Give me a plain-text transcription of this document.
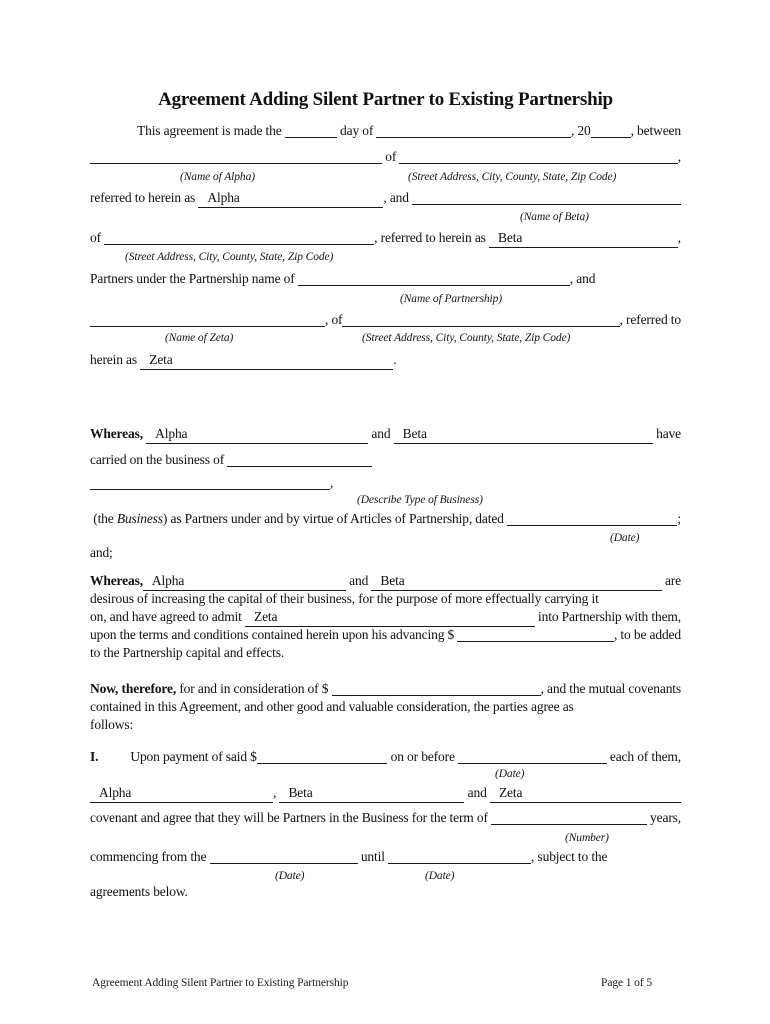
Agreement Adding Silent Partner to Existing Partnership
This agreement is made the	day of	, 20	, between
of	,
(Name of Alpha)	(Street Address, City, County, State, Zip Code)
referred to herein as Alpha	, and
(Name of Beta)
of	, referred to herein as Beta	,
(Street Address, City, County, State, Zip Code)
Partners under the Partnership name of	, and
(Name of Partnership)
, of	, referred to
(Name of Zeta)	(Street Address, City, County, State, Zip Code)
herein as Zeta	.
Whereas,
Alpha	and Beta	have
carried on the business of
,
(Describe Type of Business)
(the Business ) as Partners under and by virtue of Articles of Partnership, dated	;
(Date)
and;
Whereas, Alpha	and Beta	are
desirous of increasing the capital of their business, for the purpose of more effectually carrying it
on, and have agreed to admit Zeta	into Partnership with them,
upon the terms and conditions contained herein upon his advancing $	, to be added
to the Partnership capital and effects.
Now, therefore, for and in consideration of $	, and the mutual covenants
contained in this Agreement, and other good and valuable consideration, the parties agree as
follows:
I. Upon payment of said $	on or before	each of them,
(Date)
Alpha	, Beta	and Zeta
covenant and agree that they will be Partners in the Business for the term of	years,
(Number)
commencing from the	until	, subject to the
(Date)	(Date)
agreements below.
Agreement Adding Silent Partner to Existing Partnership	Page 1 of 5
